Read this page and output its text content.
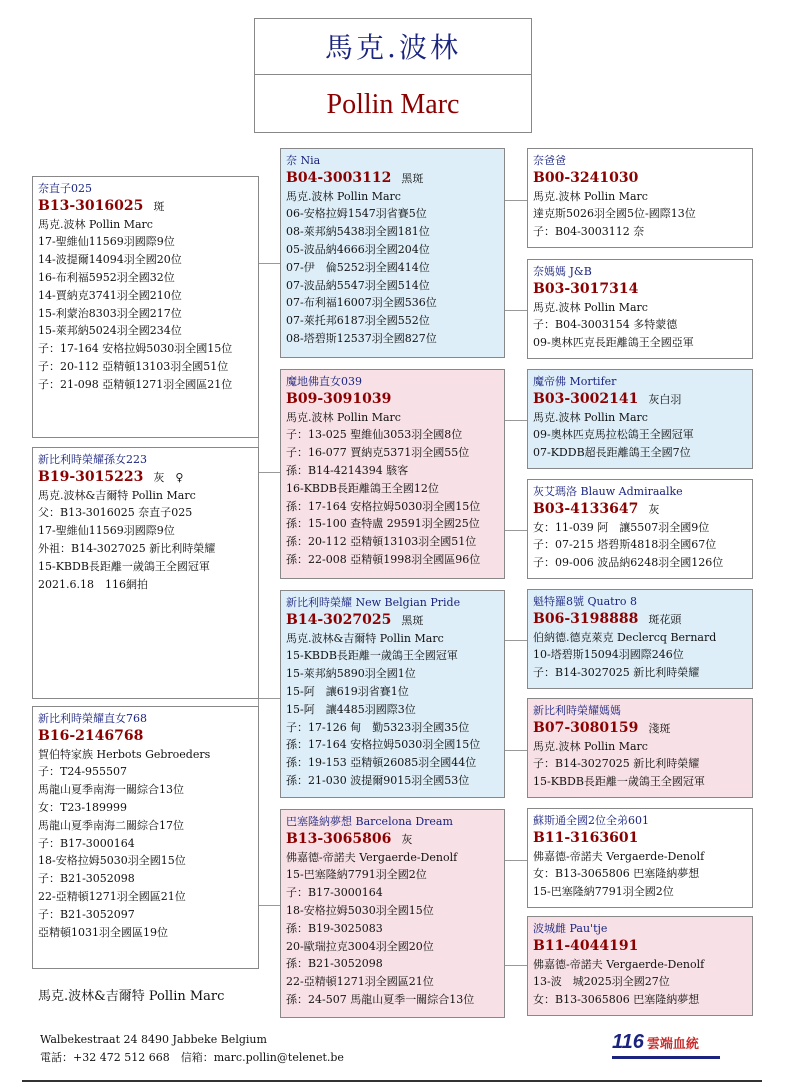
馬克.波林
Pollin Marc
奈直子025
B13-3016025 斑
馬克.波林 Pollin Marc
17-聖維仙11569羽國際9位
14-波提爾14094羽全國20位
16-布利福5952羽全國32位
14-賈納克3741羽全國210位
15-利蒙治8303羽全國217位
15-萊邦納5024羽全國234位
子：17-164 安格拉姆5030羽全國15位
子：20-112 亞精頓13103羽全國51位
子：21-098 亞精頓1271羽全國區21位
新比利時榮耀孫女223
B19-3015223 灰　♀
馬克.波林&吉爾特 Pollin Marc
父：B13-3016025 奈直子025
17-聖維仙11569羽國際9位
外祖：B14-3027025 新比利時榮耀
15-KBDB長距離一歲鴿王全國冠軍
2021.6.18　116網拍
新比利時榮耀直女768
B16-2146768
賀伯特家族 Herbots Gebroeders
子：T24-955507
馬龍山夏季南海一關綜合13位
女：T23-189999
馬龍山夏季南海二關綜合17位
子：B17-3000164
18-安格拉姆5030羽全國15位
子：B21-3052098
22-亞精頓1271羽全國區21位
子：B21-3052097
亞精頓1031羽全國區19位
奈 Nia
B04-3003112 黑斑
馬克.波林 Pollin Marc
06-安格拉姆1547羽省賽5位
08-萊邦納5438羽全國181位
05-波品納4666羽全國204位
07-伊　倫5252羽全國414位
07-波品納5547羽全國514位
07-布利福16007羽全國536位
07-萊托邦6187羽全國552位
08-塔碧斯12537羽全國827位
魔地佛直女039
B09-3091039
馬克.波林 Pollin Marc
子：13-025 聖維仙3053羽全國8位
子：16-077 賈納克5371羽全國55位
孫：B14-4214394 駭客
16-KBDB長距離鴿王全國12位
孫：17-164 安格拉姆5030羽全國15位
孫：15-100 查特盧 29591羽全國25位
孫：20-112 亞精頓13103羽全國51位
孫：22-008 亞精頓1998羽全國區96位
新比利時榮耀 New Belgian Pride
B14-3027025 黑斑
馬克.波林&吉爾特 Pollin Marc
15-KBDB長距離一歲鴿王全國冠軍
15-萊邦納5890羽全國1位
15-阿　讓619羽省賽1位
15-阿　讓4485羽國際3位
子：17-126 甸　勤5323羽全國35位
孫：17-164 安格拉姆5030羽全國15位
孫：19-153 亞精頓26085羽全國44位
孫：21-030 波提爾9015羽全國53位
巴塞隆納夢想 Barcelona Dream
B13-3065806 灰
佛嘉德-帝諾夫 Vergaerde-Denolf
15-巴塞隆納7791羽全國2位
子：B17-3000164
18-安格拉姆5030羽全國15位
孫：B19-3025083
20-歐瑞拉克3004羽全國20位
孫：B21-3052098
22-亞精頓1271羽全國區21位
孫：24-507 馬龍山夏季一關綜合13位
奈爸爸
B00-3241030
馬克.波林 Pollin Marc
達克斯5026羽全國5位-國際13位
子：B04-3003112 奈
奈媽媽 J&B
B03-3017314
馬克.波林 Pollin Marc
子：B04-3003154 多特蒙德
09-奧林匹克長距離鴿王全國亞軍
魔帝佛 Mortifer
B03-3002141 灰白羽
馬克.波林 Pollin Marc
09-奧林匹克馬拉松鴿王全國冠軍
07-KDDB超長距離鴿王全國7位
灰艾瑪洛 Blauw Admiraalke
B03-4133647 灰
女：11-039 阿　讓5507羽全國9位
子：07-215 塔碧斯4818羽全國67位
子：09-006 波品納6248羽全國126位
魁特羅8號 Quatro 8
B06-3198888 斑花頭
伯納德.德克萊克 Declercq Bernard
10-塔碧斯15094羽國際246位
子：B14-3027025 新比利時榮耀
新比利時榮耀媽媽
B07-3080159 淺斑
馬克.波林 Pollin Marc
子：B14-3027025 新比利時榮耀
15-KBDB長距離一歲鴿王全國冠軍
蘇斯通全國2位全弟601
B11-3163601
佛嘉德-帝諾夫 Vergaerde-Denolf
女：B13-3065806 巴塞隆納夢想
15-巴塞隆納7791羽全國2位
波城雌 Pau'tje
B11-4044191
佛嘉德-帝諾夫 Vergaerde-Denolf
13-波　城2025羽全國27位
女：B13-3065806 巴塞隆納夢想
馬克.波林&吉爾特 Pollin Marc
Walbekestraat 24 8490 Jabbeke Belgium
電話：+32 472 512 668　信箱：marc.pollin@telenet.be
116 雲端血統
